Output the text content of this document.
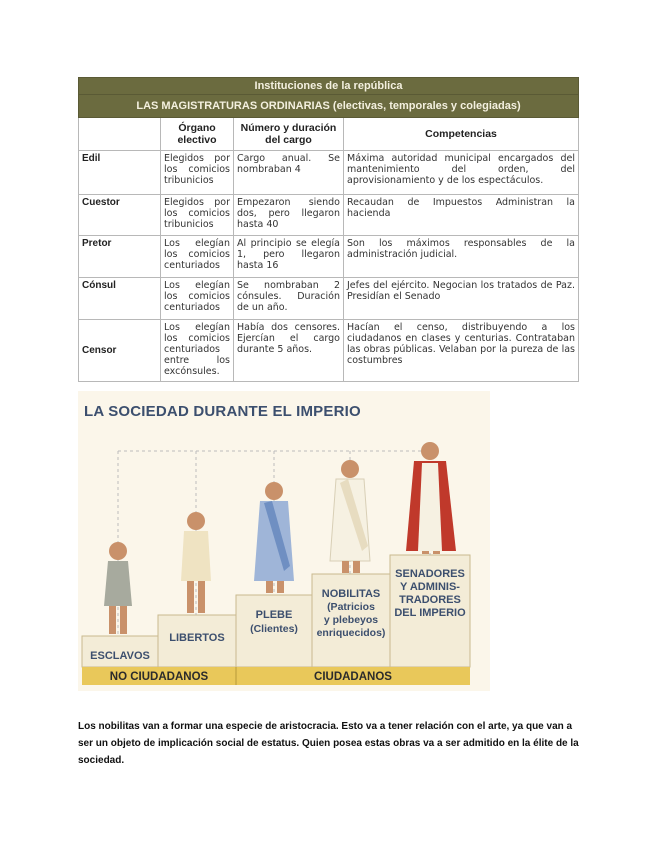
Instituciones de la república			
LAS MAGISTRATURAS ORDINARIAS (electivas, temporales y colegiadas)			
	Órgano electivo	Número y duración del cargo	Competencias
Edil	Elegidos por los comicios tribunicios	Cargo anual. Se nombraban 4	Máxima autoridad municipal encargados del mantenimiento del orden, del aprovisionamiento y de los espectáculos.
Cuestor	Elegidos por los comicios tribunicios	Empezaron siendo dos, pero llegaron hasta 40	Recaudan de Impuestos Administran la hacienda
Pretor	Los elegían los comicios centuriados	Al principio se elegía 1, pero llegaron hasta 16	Son los máximos responsables de la administración judicial.
Cónsul	Los elegían los comicios centuriados	Se nombraban 2 cónsules. Duración de un año.	Jefes del ejército. Negocian los tratados de Paz. Presidían el Senado
Censor	Los elegían los comicios centuriados entre los excónsules.	Había dos censores. Ejercían el cargo durante 5 años.	Hacían el censo, distribuyendo a los ciudadanos en clases y centurias. Contrataban las obras públicas. Velaban por la pureza de las costumbres
LA SOCIEDAD DURANTE EL IMPERIO
ESCLAVOS
LIBERTOS
PLEBE
(Clientes)
NOBILITAS
(Patricios
y plebeyos
enriquecidos)
SENADORES
Y ADMINIS-
TRADORES
DEL IMPERIO
NO CIUDADANOS	CIUDADANOS
Los nobilitas van a formar una especie de aristocracia. Esto va a tener relación con el arte, ya que van a ser un objeto de implicación social de estatus. Quien posea estas obras va a ser admitido en la élite de la sociedad.
